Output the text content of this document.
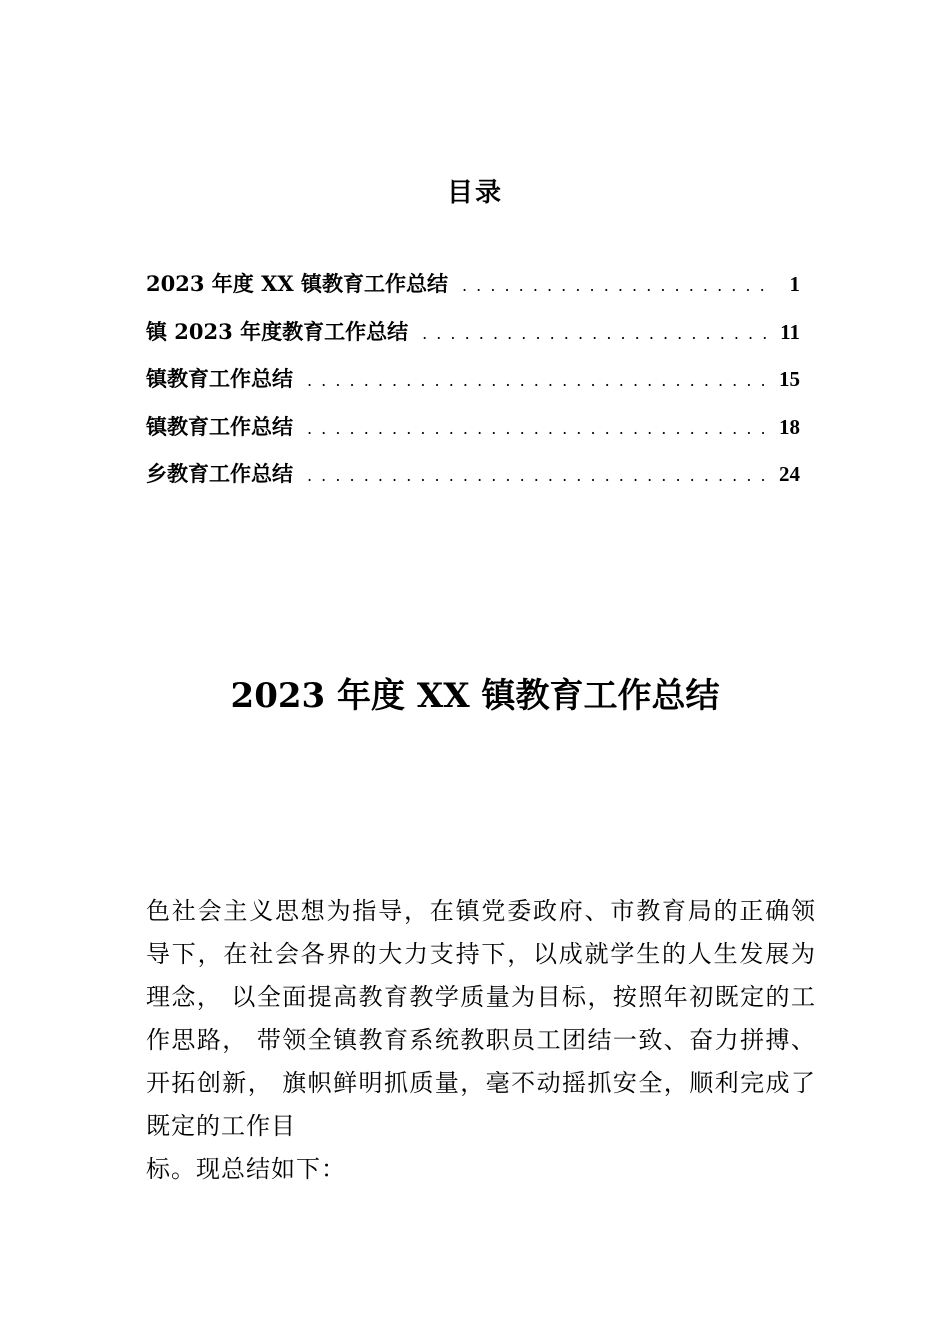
目录
2023 年度 XX 镇教育工作总结 . . .	1
镇 2023 年度教育工作总结 . . .	11
镇教育工作总结 . . .	15
镇教育工作总结 . . .	18
乡教育工作总结 . . .	24
2023 年度 XX 镇教育工作总结

色社会主义思想为指导，在镇党委政府、市教育局的正确领导下，在社会各界的大力支持下，以成就学生的人生发展为理念， 以全面提高教育教学质量为目标，按照年初既定的工作思路， 带领全镇教育系统教职员工团结一致、奋力拼搏、开拓创新， 旗帜鲜明抓质量，毫不动摇抓安全，顺利完成了既定的工作目

标。现总结如下：
